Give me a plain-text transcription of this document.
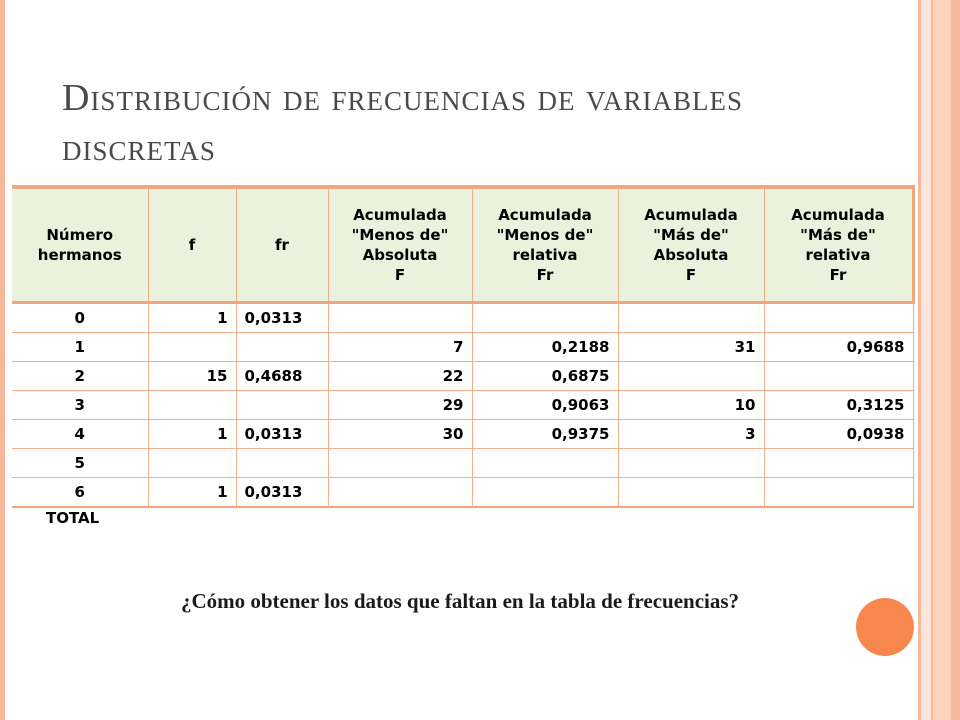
Distribución de frecuencias de variables discretas
Número
hermanos	f	fr	Acumulada
"Menos de"
Absoluta
F	Acumulada
"Menos de"
relativa
Fr	Acumulada
"Más de"
Absoluta
F	Acumulada
"Más de"
relativa
Fr
0	1	0,0313				
1			7	0,2188	31	0,9688
2	15	0,4688	22	0,6875		
3			29	0,9063	10	0,3125
4	1	0,0313	30	0,9375	3	0,0938
5						
6	1	0,0313				
TOTAL
¿Cómo obtener los datos que faltan en la tabla de frecuencias?
